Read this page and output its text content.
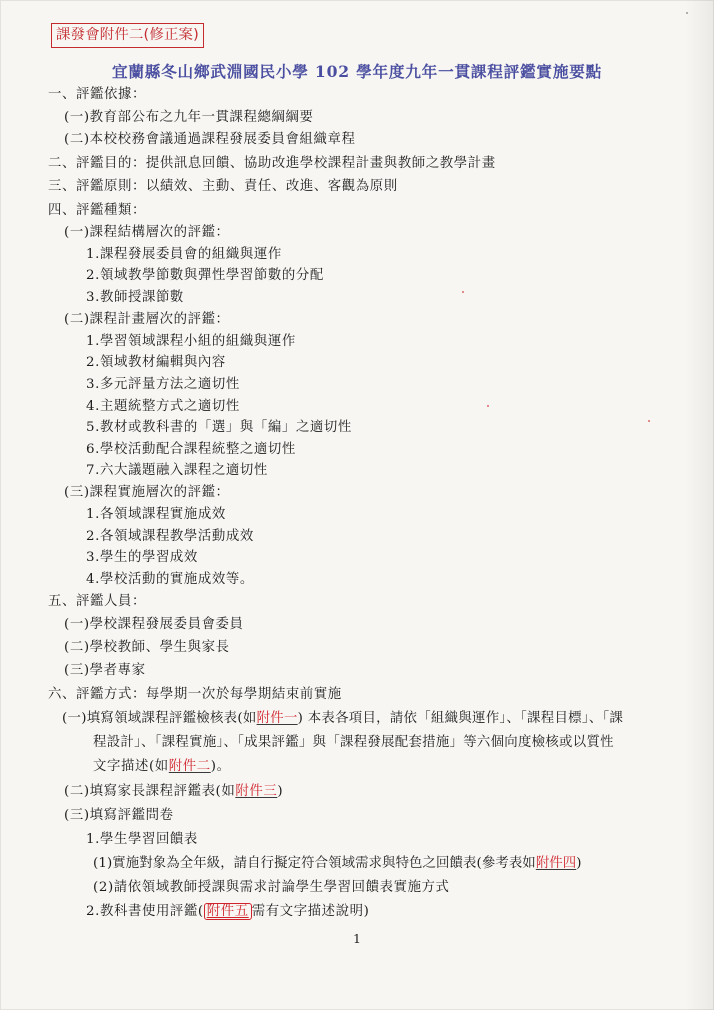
課發會附件二(修正案)
宜蘭縣冬山鄉武淵國民小學 102 學年度九年一貫課程評鑑實施要點
一、評鑑依據：
(一)教育部公布之九年一貫課程總綱綱要
(二)本校校務會議通過課程發展委員會組織章程
二、評鑑目的：提供訊息回饋、協助改進學校課程計畫與教師之教學計畫
三、評鑑原則：以績效、主動、責任、改進、客觀為原則
四、評鑑種類：
(一)課程結構層次的評鑑：
1.課程發展委員會的組織與運作
2.領域教學節數與彈性學習節數的分配
3.教師授課節數
(二)課程計畫層次的評鑑：
1.學習領域課程小組的組織與運作
2.領域教材編輯與內容
3.多元評量方法之適切性
4.主題統整方式之適切性
5.教材或教科書的「選」與「編」之適切性
6.學校活動配合課程統整之適切性
7.六大議題融入課程之適切性
(三)課程實施層次的評鑑：
1.各領域課程實施成效
2.各領域課程教學活動成效
3.學生的學習成效
4.學校活動的實施成效等。
五、評鑑人員：
(一)學校課程發展委員會委員
(二)學校教師、學生與家長
(三)學者專家
六、評鑑方式：每學期一次於每學期結束前實施
(一)填寫領域課程評鑑檢核表(如附件一) 本表各項目，請依「組織與運作」、「課程目標」、「課
程設計」、「課程實施」、「成果評鑑」與「課程發展配套措施」等六個向度檢核或以質性
文字描述(如附件二)。
(二)填寫家長課程評鑑表(如附件三)
(三)填寫評鑑問卷
1.學生學習回饋表
(1)實施對象為全年級，請自行擬定符合領域需求與特色之回饋表(參考表如附件四)
(2)請依領域教師授課與需求討論學生學習回饋表實施方式
2.教科書使用評鑑( 附件五 需有文字描述說明)
1
